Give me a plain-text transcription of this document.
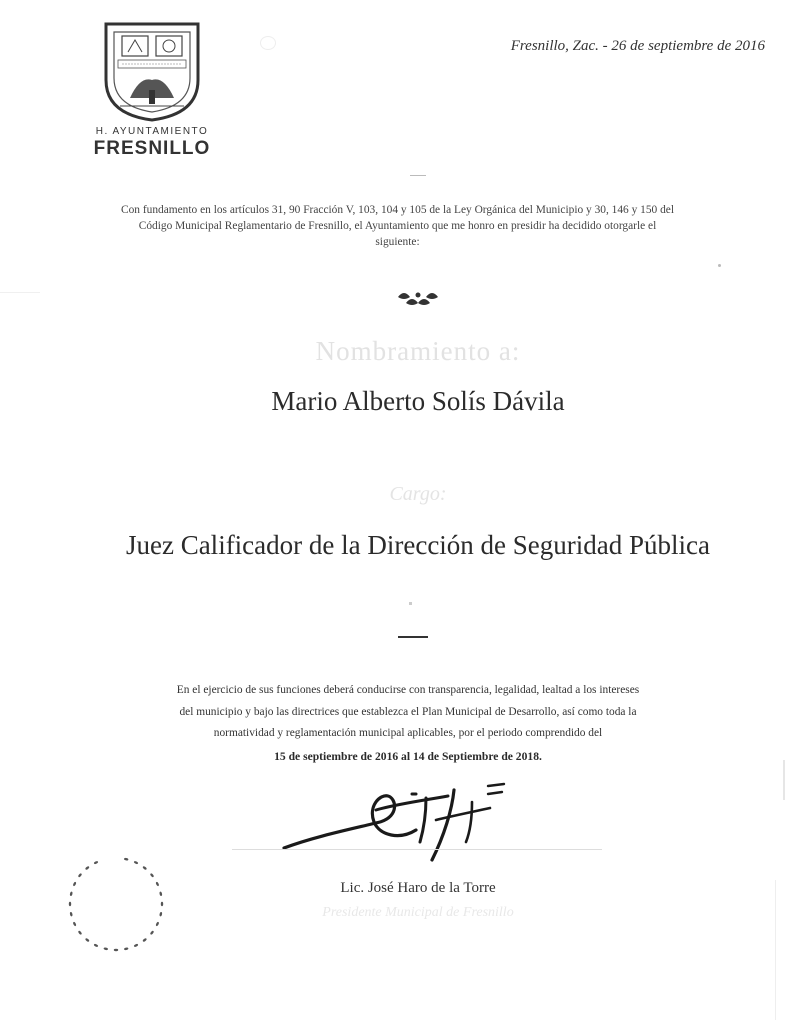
H. AYUNTAMIENTO
FRESNILLO
Fresnillo, Zac. - 26 de septiembre de 2016
Con fundamento en los artículos 31, 90 Fracción V, 103, 104 y 105 de la Ley Orgánica del Municipio y 30, 146 y 150 del Código Municipal Reglamentario de Fresnillo, el Ayuntamiento que me honro en presidir ha decidido otorgarle el siguiente:
Nombramiento a:
Mario Alberto Solís Dávila
Cargo:
Juez Calificador de la Dirección de Seguridad Pública
En el ejercicio de sus funciones deberá conducirse con transparencia, legalidad, lealtad a los intereses del municipio y bajo las directrices que establezca el Plan Municipal de Desarrollo, así como toda la normatividad y reglamentación municipal aplicables, por el periodo comprendido del
15 de septiembre de 2016 al 14 de Septiembre de 2018.
Lic. José Haro de la Torre
Presidente Municipal de Fresnillo
